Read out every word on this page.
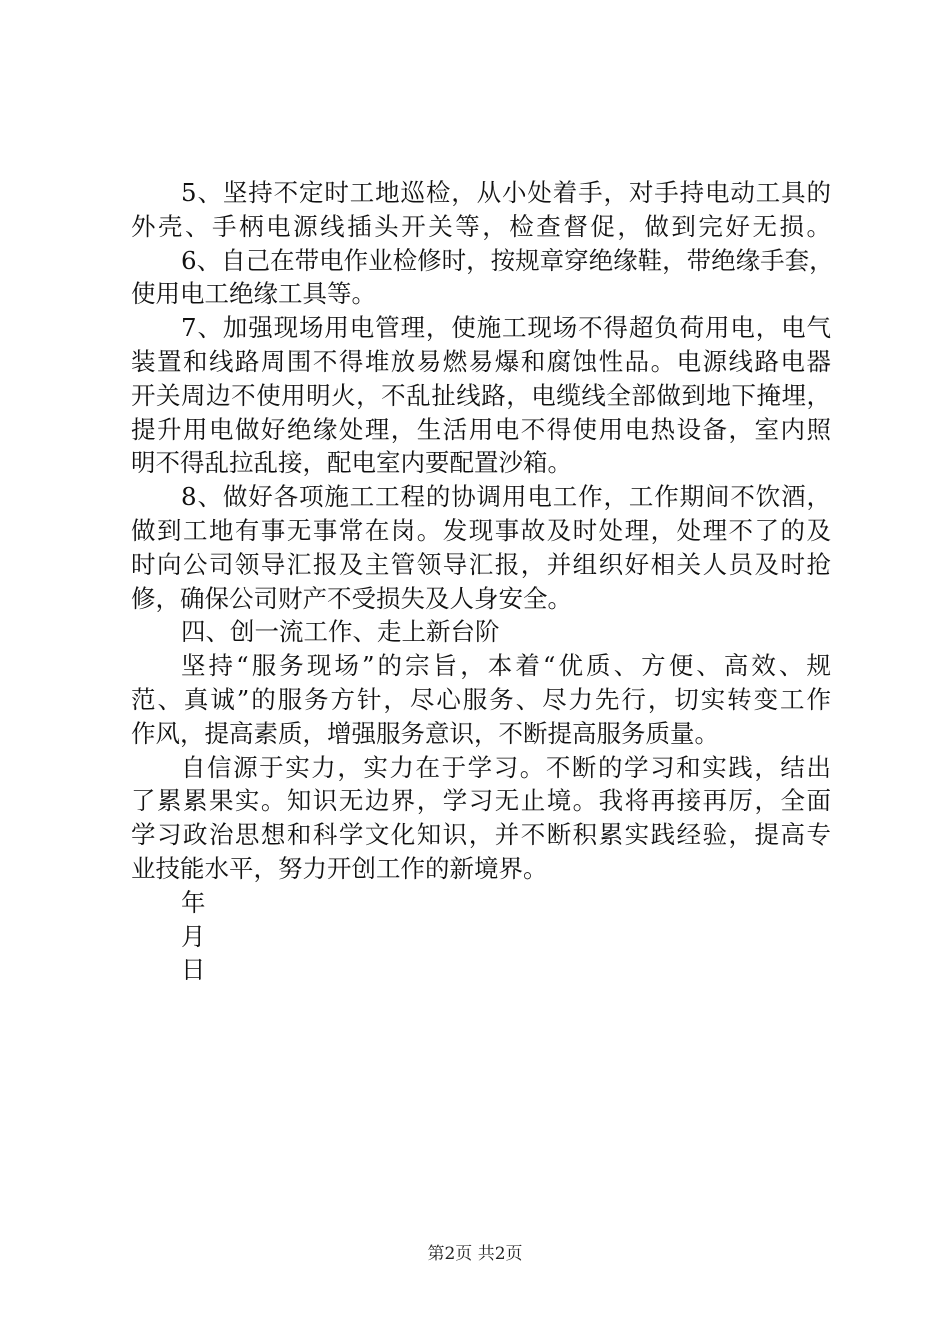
5、坚持不定时工地巡检，从小处着手，对手持电动工具的
外壳、手柄电源线插头开关等，检查督促，做到完好无损。
6、自己在带电作业检修时，按规章穿绝缘鞋，带绝缘手套，
使用电工绝缘工具等。
7、加强现场用电管理，使施工现场不得超负荷用电，电气
装置和线路周围不得堆放易燃易爆和腐蚀性品。电源线路电器
开关周边不使用明火，不乱扯线路，电缆线全部做到地下掩埋，
提升用电做好绝缘处理，生活用电不得使用电热设备，室内照
明不得乱拉乱接，配电室内要配置沙箱。
8、做好各项施工工程的协调用电工作，工作期间不饮酒，
做到工地有事无事常在岗。发现事故及时处理，处理不了的及
时向公司领导汇报及主管领导汇报，并组织好相关人员及时抢
修，确保公司财产不受损失及人身安全。
四、创一流工作、走上新台阶
坚持“服务现场”的宗旨，本着“优质、方便、高效、规
范、真诚”的服务方针，尽心服务、尽力先行，切实转变工作
作风，提高素质，增强服务意识，不断提高服务质量。
自信源于实力，实力在于学习。不断的学习和实践，结出
了累累果实。知识无边界，学习无止境。我将再接再厉，全面
学习政治思想和科学文化知识，并不断积累实践经验，提高专
业技能水平，努力开创工作的新境界。
年
月
日
第2页 共2页
